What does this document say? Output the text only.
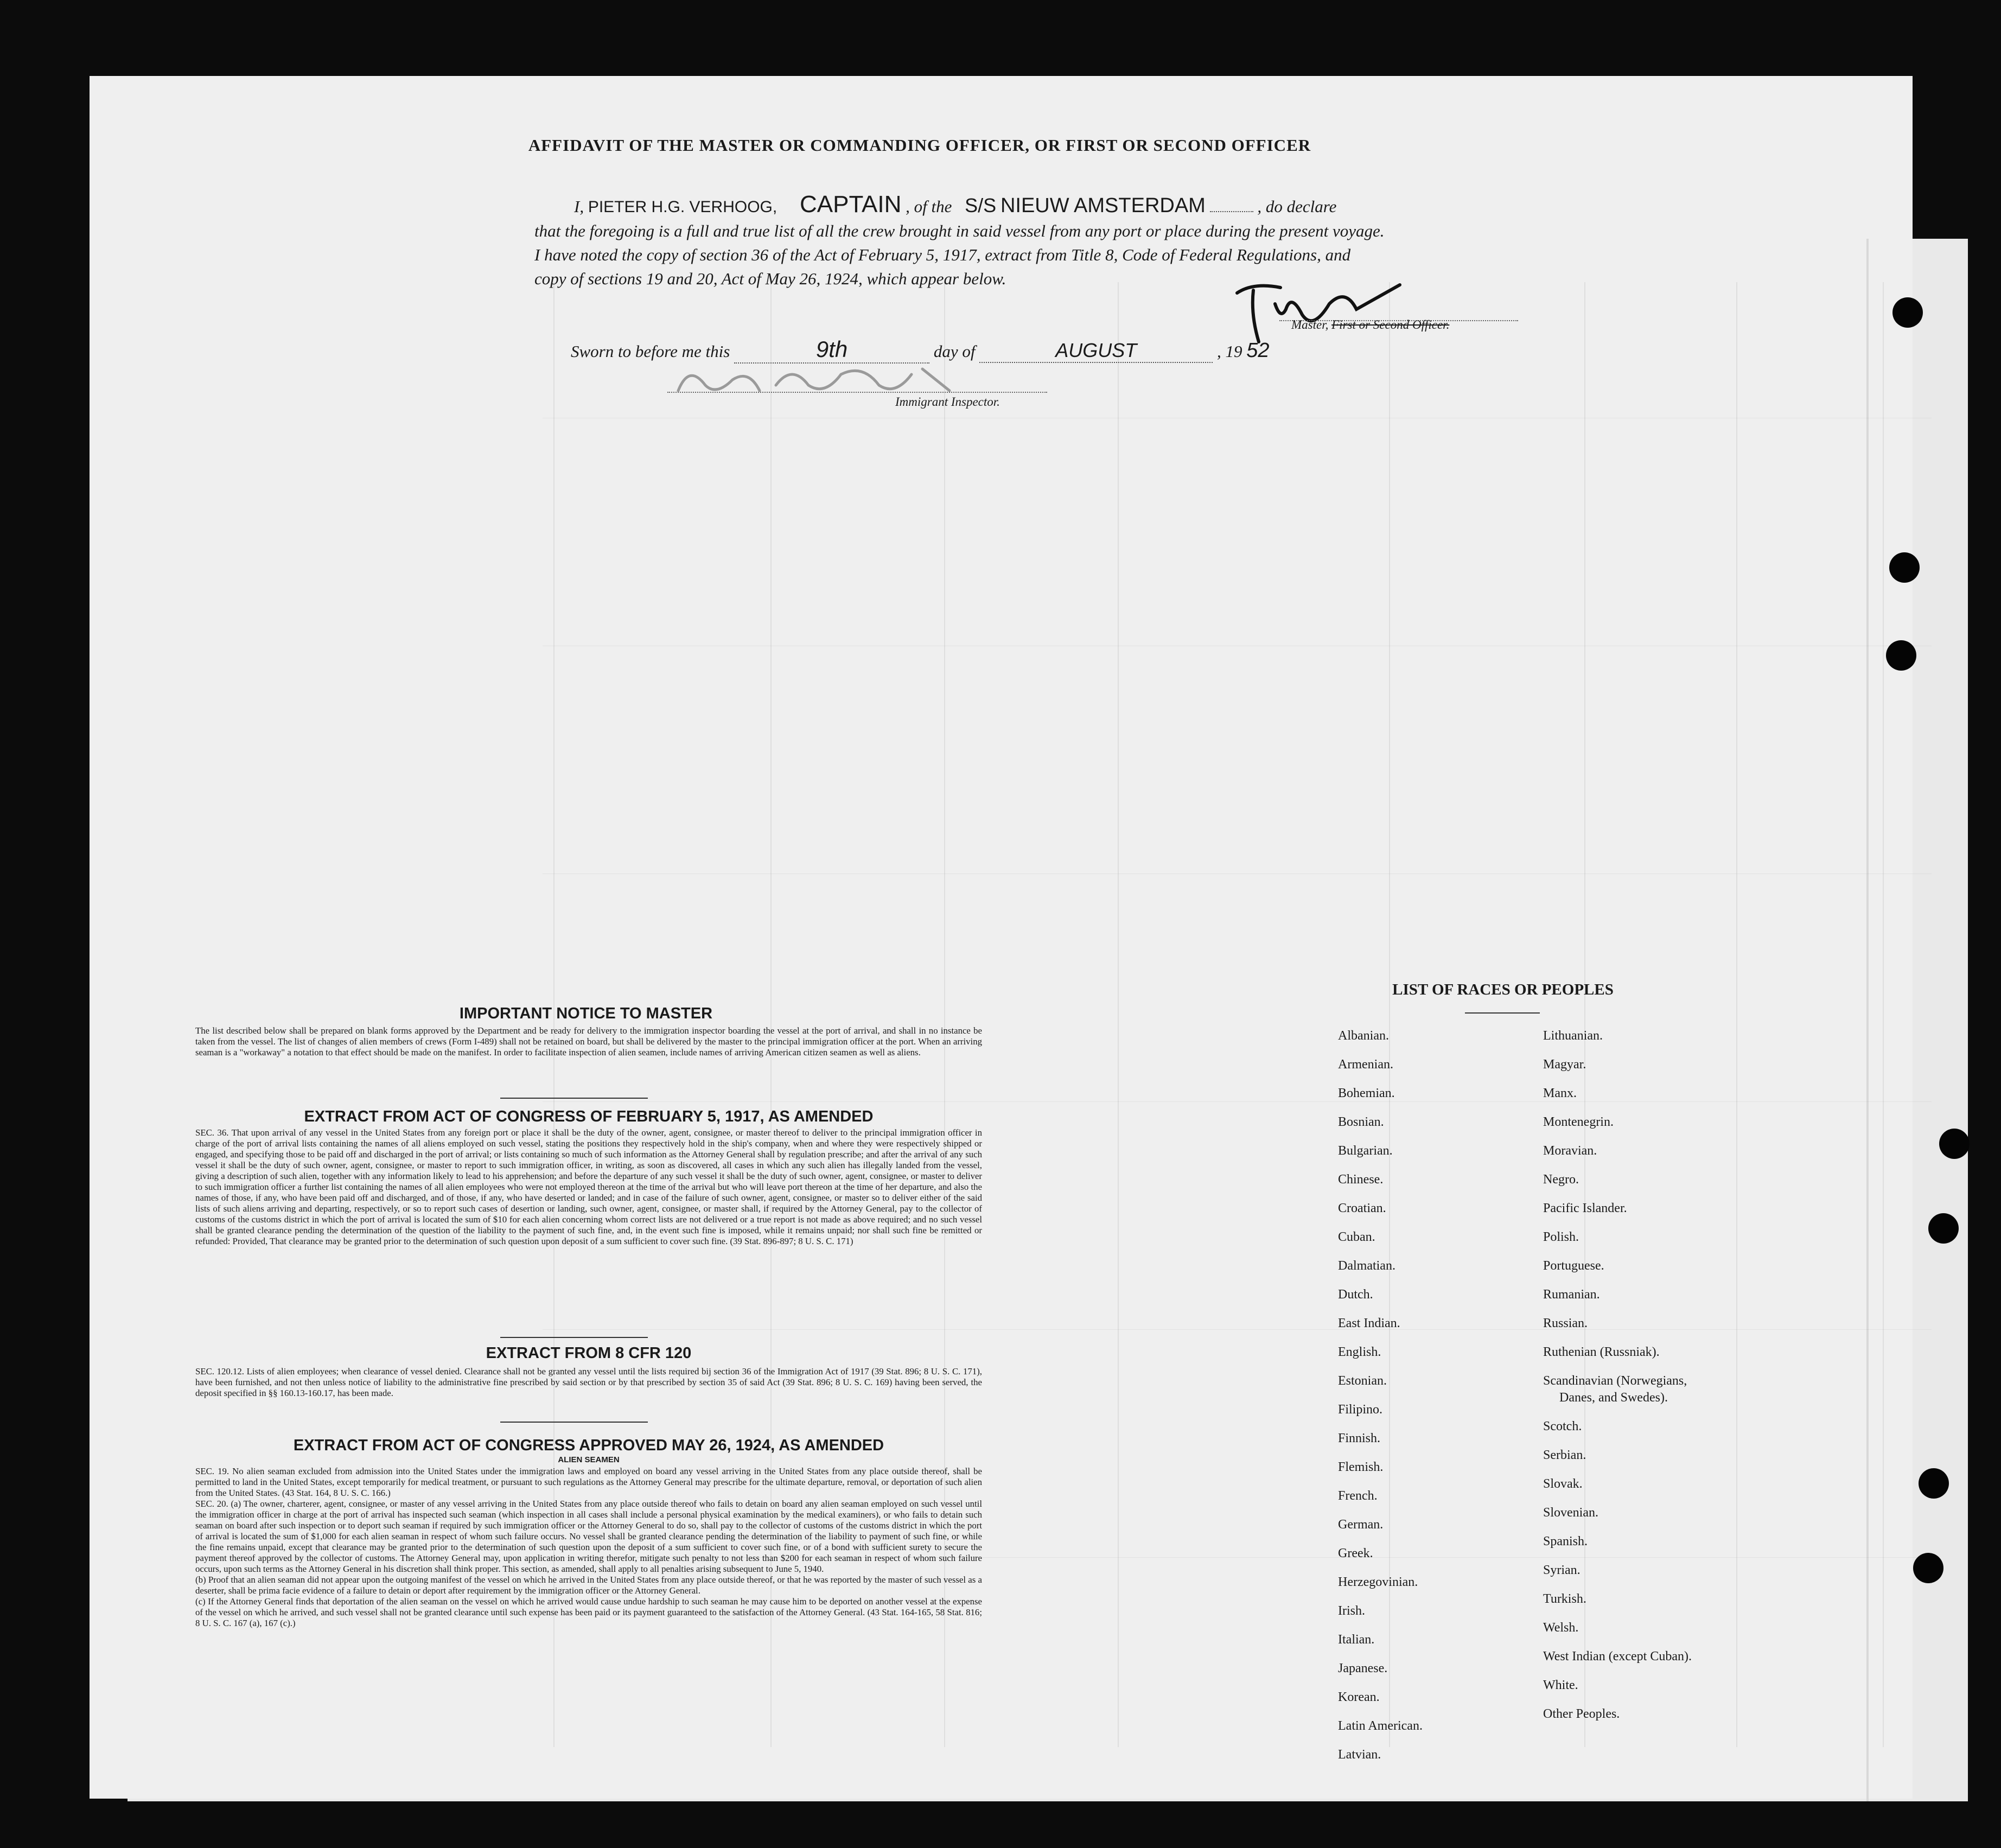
AFFIDAVIT OF THE MASTER OR COMMANDING OFFICER, OR FIRST OR SECOND OFFICER
I, PIETER H.G. VERHOOG, CAPTAIN , of the S/S NIEUW AMSTERDAM	, do declare
that the foregoing is a full and true list of all the crew brought in said vessel from any port or place during the present voyage.
I have noted the copy of section 36 of the Act of February 5, 1917, extract from Title 8, Code of Federal Regulations, and
copy of sections 19 and 20, Act of May 26, 1924, which appear below.
Master, First or Second Officer.
Sworn to before me this	9th	day of	AUGUST	, 19 52
Immigrant Inspector.
IMPORTANT NOTICE TO MASTER
The list described below shall be prepared on blank forms approved by the Department and be ready for delivery to the immigration inspector boarding the vessel at the port of arrival, and shall in no instance be taken from the vessel. The list of changes of alien members of crews (Form I-489) shall not be retained on board, but shall be delivered by the master to the principal immigration officer at the port. When an arriving seaman is a "workaway" a notation to that effect should be made on the manifest. In order to facilitate inspection of alien seamen, include names of arriving American citizen seamen as well as aliens.
EXTRACT FROM ACT OF CONGRESS OF FEBRUARY 5, 1917, AS AMENDED
SEC. 36. That upon arrival of any vessel in the United States from any foreign port or place it shall be the duty of the owner, agent, consignee, or master thereof to deliver to the principal immigration officer in charge of the port of arrival lists containing the names of all aliens employed on such vessel, stating the positions they respectively hold in the ship's company, when and where they were respectively shipped or engaged, and specifying those to be paid off and discharged in the port of arrival; or lists containing so much of such information as the Attorney General shall by regulation prescribe; and after the arrival of any such vessel it shall be the duty of such owner, agent, consignee, or master to report to such immigration officer, in writing, as soon as discovered, all cases in which any such alien has illegally landed from the vessel, giving a description of such alien, together with any information likely to lead to his apprehension; and before the departure of any such vessel it shall be the duty of such owner, agent, consignee, or master to deliver to such immigration officer a further list containing the names of all alien employees who were not employed thereon at the time of the arrival but who will leave port thereon at the time of her departure, and also the names of those, if any, who have been paid off and discharged, and of those, if any, who have deserted or landed; and in case of the failure of such owner, agent, consignee, or master so to deliver either of the said lists of such aliens arriving and departing, respectively, or so to report such cases of desertion or landing, such owner, agent, consignee, or master shall, if required by the Attorney General, pay to the collector of customs of the customs district in which the port of arrival is located the sum of $10 for each alien concerning whom correct lists are not delivered or a true report is not made as above required; and no such vessel shall be granted clearance pending the determination of the question of the liability to the payment of such fine, and, in the event such fine is imposed, while it remains unpaid; nor shall such fine be remitted or refunded: Provided, That clearance may be granted prior to the determination of such question upon deposit of a sum sufficient to cover such fine. (39 Stat. 896-897; 8 U. S. C. 171)
EXTRACT FROM 8 CFR 120
SEC. 120.12. Lists of alien employees; when clearance of vessel denied. Clearance shall not be granted any vessel until the lists required bij section 36 of the Immigration Act of 1917 (39 Stat. 896; 8 U. S. C. 171), have been furnished, and not then unless notice of liability to the administrative fine prescribed by said section or by that prescribed by section 35 of said Act (39 Stat. 896; 8 U. S. C. 169) having been served, the deposit specified in §§ 160.13-160.17, has been made.
EXTRACT FROM ACT OF CONGRESS APPROVED MAY 26, 1924, AS AMENDED
ALIEN SEAMEN
SEC. 19. No alien seaman excluded from admission into the United States under the immigration laws and employed on board any vessel arriving in the United States from any place outside thereof, shall be permitted to land in the United States, except temporarily for medical treatment, or pursuant to such regulations as the Attorney General may prescribe for the ultimate departure, removal, or deportation of such alien from the United States. (43 Stat. 164, 8 U. S. C. 166.)
SEC. 20. (a) The owner, charterer, agent, consignee, or master of any vessel arriving in the United States from any place outside thereof who fails to detain on board any alien seaman employed on such vessel until the immigration officer in charge at the port of arrival has inspected such seaman (which inspection in all cases shall include a personal physical examination by the medical examiners), or who fails to detain such seaman on board after such inspection or to deport such seaman if required by such immigration officer or the Attorney General to do so, shall pay to the collector of customs of the customs district in which the port of arrival is located the sum of $1,000 for each alien seaman in respect of whom such failure occurs. No vessel shall be granted clearance pending the determination of the liability to payment of such fine, or while the fine remains unpaid, except that clearance may be granted prior to the determination of such question upon the deposit of a sum sufficient to cover such fine, or of a bond with sufficient surety to secure the payment thereof approved by the collector of customs. The Attorney General may, upon application in writing therefor, mitigate such penalty to not less than $200 for each seaman in respect of whom such failure occurs, upon such terms as the Attorney General in his discretion shall think proper. This section, as amended, shall apply to all penalties arising subsequent to June 5, 1940.
(b) Proof that an alien seaman did not appear upon the outgoing manifest of the vessel on which he arrived in the United States from any place outside thereof, or that he was reported by the master of such vessel as a deserter, shall be prima facie evidence of a failure to detain or deport after requirement by the immigration officer or the Attorney General.
(c) If the Attorney General finds that deportation of the alien seaman on the vessel on which he arrived would cause undue hardship to such seaman he may cause him to be deported on another vessel at the expense of the vessel on which he arrived, and such vessel shall not be granted clearance until such expense has been paid or its payment guaranteed to the satisfaction of the Attorney General. (43 Stat. 164-165, 58 Stat. 816; 8 U. S. C. 167 (a), 167 (c).)
LIST OF RACES OR PEOPLES
Albanian.
Armenian.
Bohemian.
Bosnian.
Bulgarian.
Chinese.
Croatian.
Cuban.
Dalmatian.
Dutch.
East Indian.
English.
Estonian.
Filipino.
Finnish.
Flemish.
French.
German.
Greek.
Herzegovinian.
Irish.
Italian.
Japanese.
Korean.
Latin American.
Latvian.
Lithuanian.
Magyar.
Manx.
Montenegrin.
Moravian.
Negro.
Pacific Islander.
Polish.
Portuguese.
Rumanian.
Russian.
Ruthenian (Russniak).
Scandinavian (Norwegians,
Danes, and Swedes).
Scotch.
Serbian.
Slovak.
Slovenian.
Spanish.
Syrian.
Turkish.
Welsh.
West Indian (except Cuban).
White.
Other Peoples.
